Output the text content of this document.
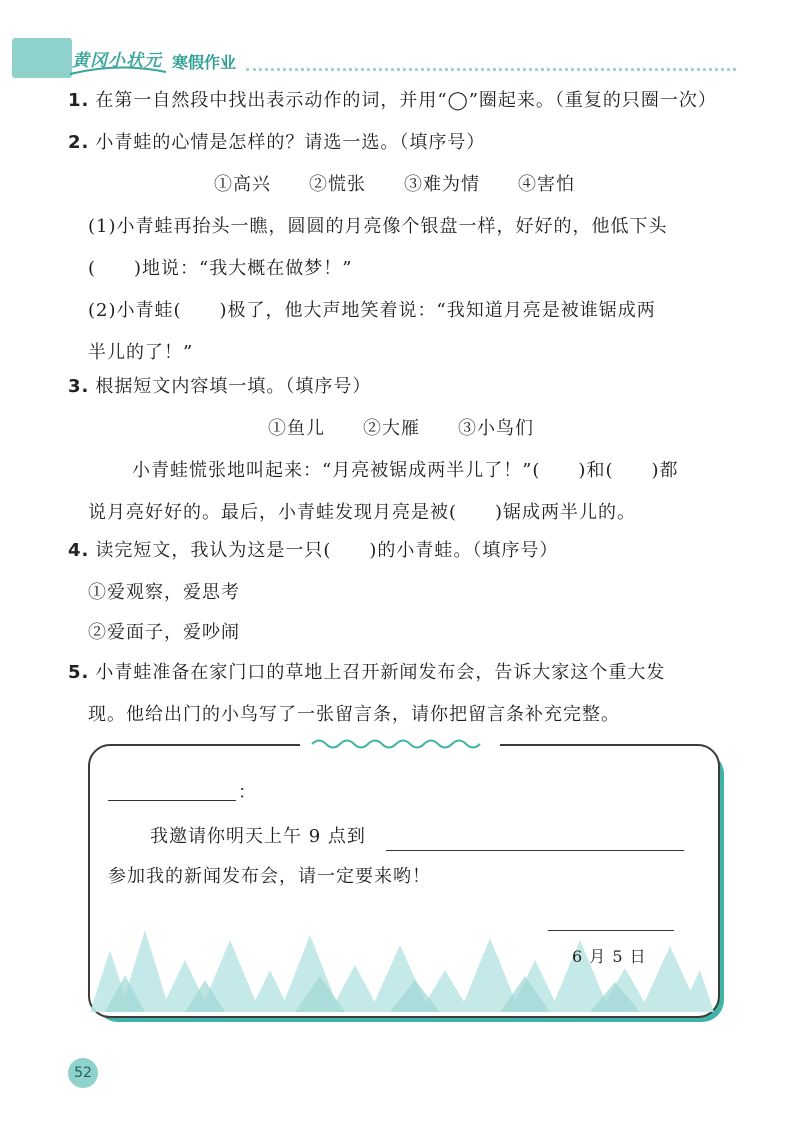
黄冈小状元 寒假作业
1. 在第一自然段中找出表示动作的词，并用“◯”圈起来。（重复的只圈一次）
2. 小青蛙的心情是怎样的？请选一选。（填序号）
①高兴　　②慌张　　③难为情　　④害怕
(1)小青蛙再抬头一瞧，圆圆的月亮像个银盘一样，好好的，他低下头
(　　)地说：“我大概在做梦！”
(2)小青蛙(　　)极了，他大声地笑着说：“我知道月亮是被谁锯成两
半儿的了！”
3. 根据短文内容填一填。（填序号）
①鱼儿　　②大雁　　③小鸟们
小青蛙慌张地叫起来：“月亮被锯成两半儿了！”(　　)和(　　)都
说月亮好好的。最后，小青蛙发现月亮是被(　　)锯成两半儿的。
4. 读完短文，我认为这是一只(　　)的小青蛙。（填序号）
①爱观察，爱思考
②爱面子，爱吵闹
5. 小青蛙准备在家门口的草地上召开新闻发布会，告诉大家这个重大发
现。他给出门的小鸟写了一张留言条，请你把留言条补充完整。
：
我邀请你明天上午 9 点到
参加我的新闻发布会，请一定要来哟！
6 月 5 日
52
